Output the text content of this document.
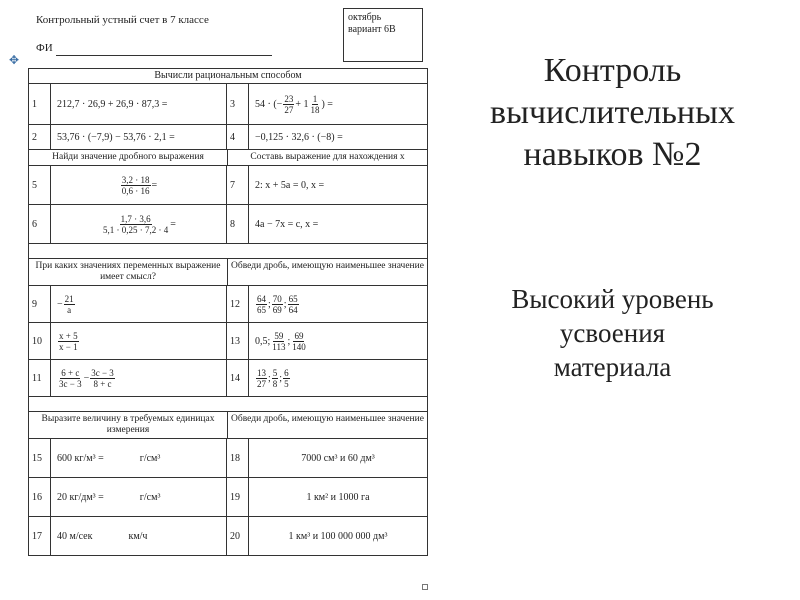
Контрольный устный счет в 7 классе
ФИ
октябрь
вариант 6В
✥
Вычисли рациональным способом
1	212,7 · 26,9 + 26,9 · 87,3 =	3	54 · (− $\frac{23}{27} + 1 \frac{1}{18}$ ) =
2	53,76 · (−7,9) − 53,76 · 2,1 =	4	−0,125 · 32,6 · (−8) =
Найди значение дробного выражения	Составь выражение для нахождения х
5	$\frac{3,2 \cdot 18}{0,6 \cdot 16}$ =	7	2: x + 5a = 0, x =
6	$\frac{1,7 \cdot 3,6}{5,1 \cdot 0,25 \cdot 7,2 \cdot 4}$ =	8	4a − 7x = c, x =
При каких значениях переменных выражение имеет смысл?
Обведи дробь, имеющую наименьшее значение
9	− $\frac{21}{a}$	12	$\frac{64}{65}$ ; $\frac{70}{69}$ ; $\frac{65}{64}$
10	$\frac{x + 5}{x - 1}$	13	0,5; $\frac{59}{113}$ ; $\frac{69}{140}$
11	$\frac{6 + c}{3c - 3} - \frac{3c - 3}{8 + c}$	14	$\frac{13}{27}$ ; $\frac{5}{8}$ ; $\frac{6}{5}$
Выразите величину в требуемых единицах измерения
Обведи дробь, имеющую наименьшее значение
15	600 кг/м³ =	г/см³	18	7000 см³ и 60 дм³
16	20 кг/дм³ =	г/см³	19	1 км² и 1000 га
17	40 м/сек	км/ч	20	1 км³ и 100 000 000 дм³
Контроль
вычислительных
навыков №2
Высокий уровень
усвоения
материала
